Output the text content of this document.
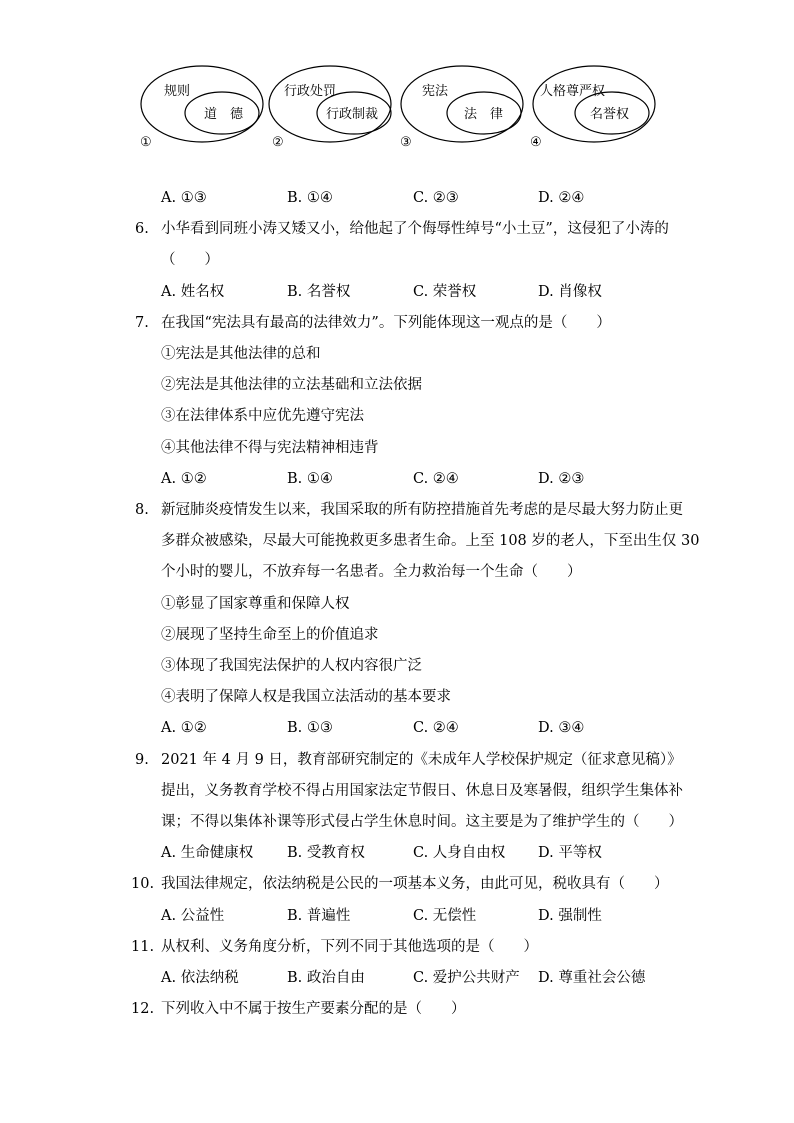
规则
道　德
①
行政处罚
行政制裁
②
宪法
法　律
③
人格尊严权
名誉权
④
A. ①③	B. ①④	C. ②③	D. ②④
6. 小华看到同班小涛又矮又小，给他起了个侮辱性绰号“小土豆”，这侵犯了小涛的
（　　）
A. 姓名权	B. 名誉权	C. 荣誉权	D. 肖像权
7. 在我国“宪法具有最高的法律效力”。下列能体现这一观点的是（　　）
①宪法是其他法律的总和
②宪法是其他法律的立法基础和立法依据
③在法律体系中应优先遵守宪法
④其他法律不得与宪法精神相违背
A. ①②	B. ①④	C. ②④	D. ②③
8. 新冠肺炎疫情发生以来，我国采取的所有防控措施首先考虑的是尽最大努力防止更
多群众被感染，尽最大可能挽救更多患者生命。上至 108 岁的老人，下至出生仅 30
个小时的婴儿，不放弃每一名患者。全力救治每一个生命（　　）
①彰显了国家尊重和保障人权
②展现了坚持生命至上的价值追求
③体现了我国宪法保护的人权内容很广泛
④表明了保障人权是我国立法活动的基本要求
A. ①②	B. ①③	C. ②④	D. ③④
9. 2021 年 4 月 9 日，教育部研究制定的《未成年人学校保护规定（征求意见稿）》
提出，义务教育学校不得占用国家法定节假日、休息日及寒暑假，组织学生集体补
课；不得以集体补课等形式侵占学生休息时间。这主要是为了维护学生的（　　）
A. 生命健康权 B. 受教育权	C. 人身自由权 D. 平等权
10. 我国法律规定，依法纳税是公民的一项基本义务，由此可见，税收具有（　　）
A. 公益性	B. 普遍性	C. 无偿性	D. 强制性
11. 从权利、义务角度分析，下列不同于其他选项的是（　　）
A. 依法纳税	B. 政治自由	C. 爱护公共财产 D. 尊重社会公德
12. 下列收入中不属于按生产要素分配的是（　　）
